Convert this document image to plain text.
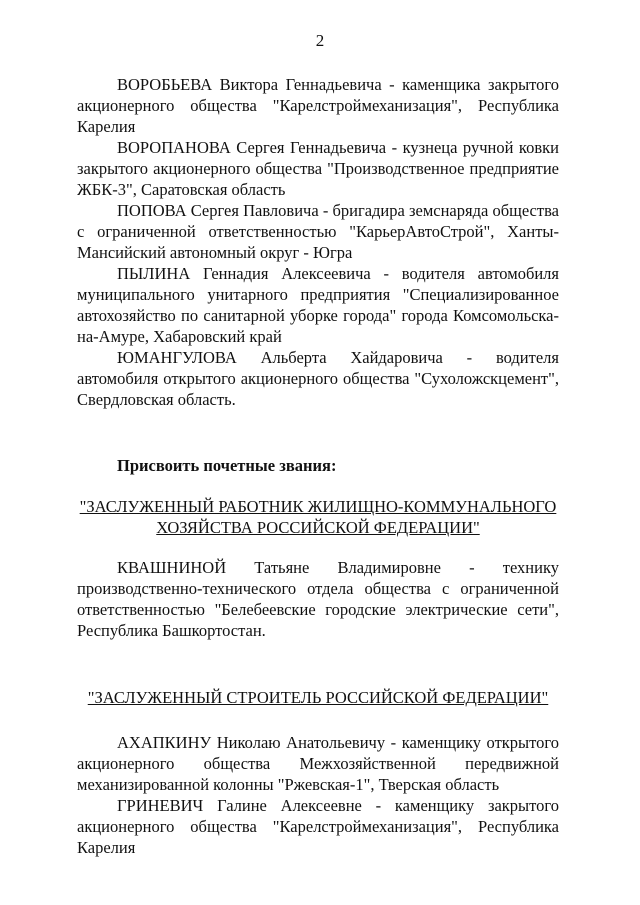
2

ВОРОБЬЕВА Виктора Геннадьевича - каменщика закрытого акционерного общества "Карелстроймеханизация", Республика Карелия

ВОРОПАНОВА Сергея Геннадьевича - кузнеца ручной ковки закрытого акционерного общества "Производственное предприятие ЖБК-3", Саратовская область

ПОПОВА Сергея Павловича - бригадира земснаряда общества с ограниченной ответственностью "КарьерАвтоСтрой", Ханты-Мансийский автономный округ - Югра

ПЫЛИНА Геннадия Алексеевича - водителя автомобиля муниципального унитарного предприятия "Специализированное автохозяйство по санитарной уборке города" города Комсомольска-на-Амуре, Хабаровский край

ЮМАНГУЛОВА Альберта Хайдаровича - водителя автомобиля открытого акционерного общества "Сухоложскцемент", Свердловская область.

Присвоить почетные звания:

"ЗАСЛУЖЕННЫЙ РАБОТНИК ЖИЛИЩНО-КОММУНАЛЬНОГО ХОЗЯЙСТВА РОССИЙСКОЙ ФЕДЕРАЦИИ"

КВАШНИНОЙ Татьяне Владимировне - технику производственно-технического отдела общества с ограниченной ответственностью "Белебеевские городские электрические сети", Республика Башкортостан.

"ЗАСЛУЖЕННЫЙ СТРОИТЕЛЬ РОССИЙСКОЙ ФЕДЕРАЦИИ"

АХАПКИНУ Николаю Анатольевичу - каменщику открытого акционерного общества Межхозяйственной передвижной механизированной колонны "Ржевская-1", Тверская область

ГРИНЕВИЧ Галине Алексеевне - каменщику закрытого акционерного общества "Карелстроймеханизация", Республика Карелия
